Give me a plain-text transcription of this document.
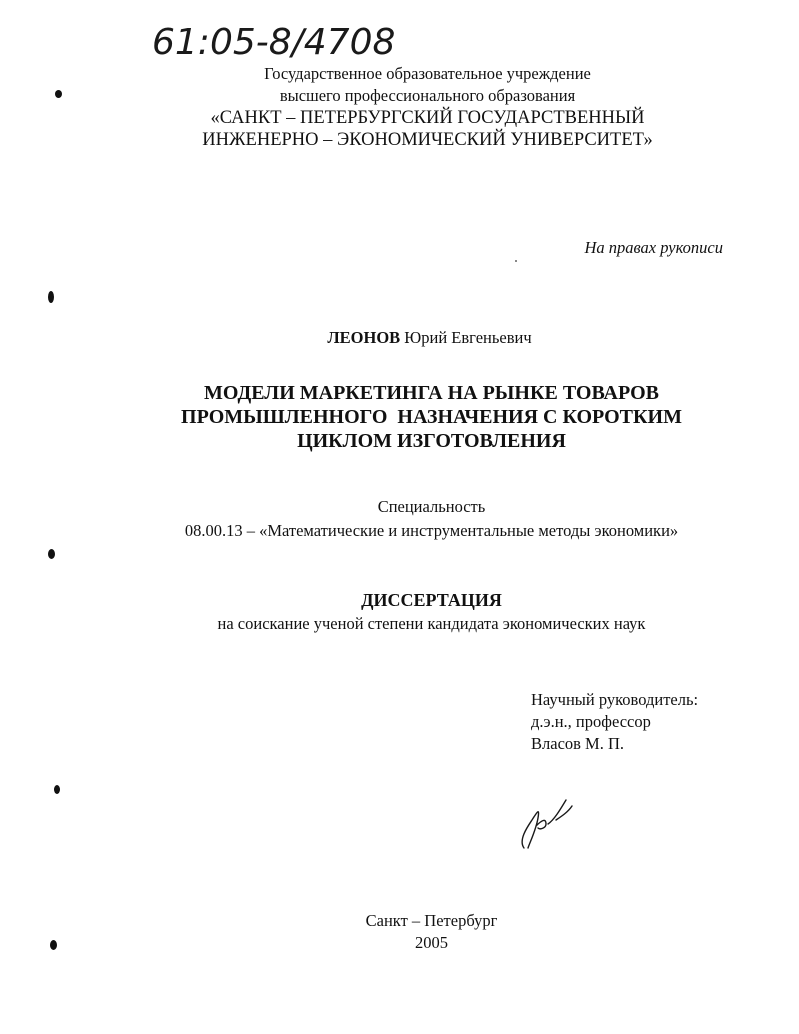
61:05-8/4708
Государственное образовательное учреждение
высшего профессионального образования
«САНКТ – ПЕТЕРБУРГСКИЙ ГОСУДАРСТВЕННЫЙ
ИНЖЕНЕРНО – ЭКОНОМИЧЕСКИЙ УНИВЕРСИТЕТ»
На правах рукописи
ЛЕОНОВ Юрий Евгеньевич
МОДЕЛИ МАРКЕТИНГА НА РЫНКЕ ТОВАРОВ
ПРОМЫШЛЕННОГО  НАЗНАЧЕНИЯ С КОРОТКИМ
ЦИКЛОМ ИЗГОТОВЛЕНИЯ
Специальность
08.00.13 – «Математические и инструментальные методы экономики»
ДИССЕРТАЦИЯ
на соискание ученой степени кандидата экономических наук
Научный руководитель:
д.э.н., профессор
Власов М. П.
Санкт – Петербург
2005
